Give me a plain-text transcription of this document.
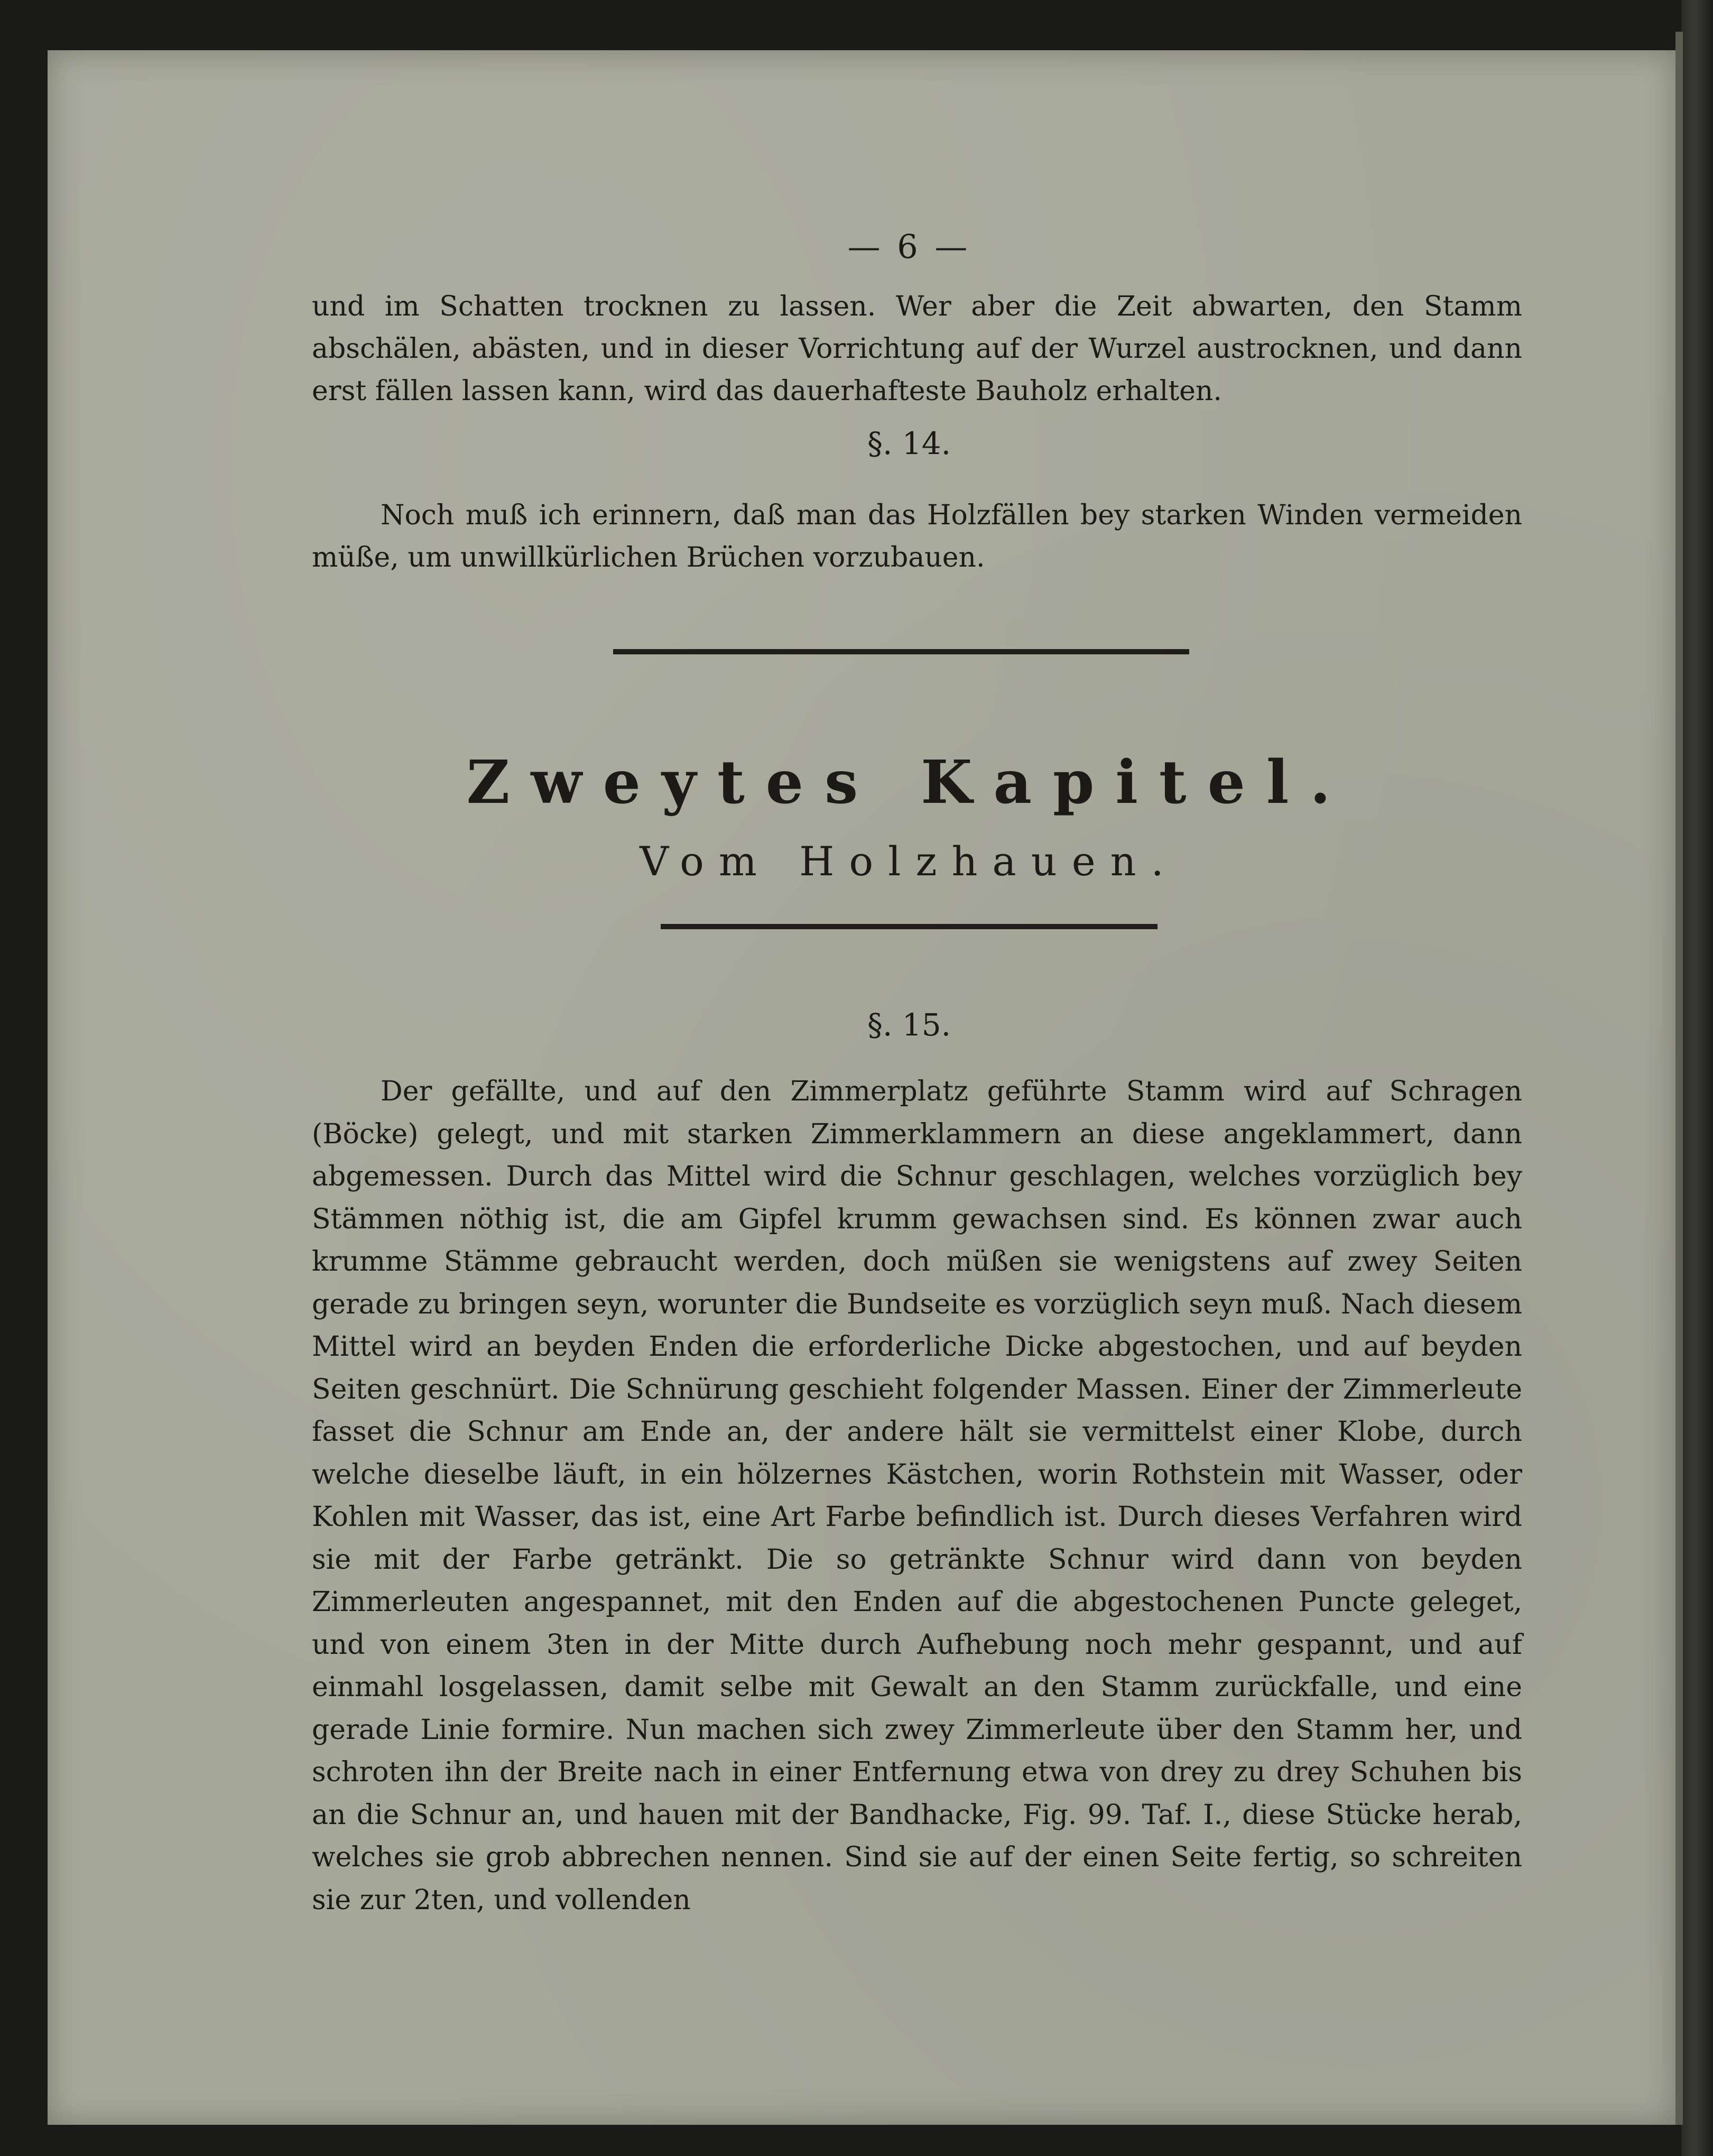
— 6 —
und im Schatten trocknen zu lassen. Wer aber die Zeit abwarten, den Stamm abschälen, abästen, und in dieser Vorrichtung auf der Wurzel austrocknen, und dann erst fällen lassen kann, wird das dauerhafteste Bauholz erhalten.
§. 14.
Noch muß ich erinnern, daß man das Holzfällen bey starken Winden vermeiden müße, um unwillkürlichen Brüchen vorzubauen.
Zweytes Kapitel.
Vom Holzhauen.
§. 15.
Der gefällte, und auf den Zimmerplatz geführte Stamm wird auf Schragen (Böcke) gelegt, und mit starken Zimmerklammern an diese angeklammert, dann abgemessen. Durch das Mittel wird die Schnur geschlagen, welches vorzüglich bey Stämmen nöthig ist, die am Gipfel krumm gewachsen sind. Es können zwar auch krumme Stämme gebraucht werden, doch müßen sie wenigstens auf zwey Seiten gerade zu bringen seyn, worunter die Bundseite es vorzüglich seyn muß. Nach diesem Mittel wird an beyden Enden die erforderliche Dicke abgestochen, und auf beyden Seiten geschnürt. Die Schnürung geschieht folgender Massen. Einer der Zimmerleute fasset die Schnur am Ende an, der andere hält sie vermittelst einer Klobe, durch welche dieselbe läuft, in ein hölzernes Kästchen, worin Rothstein mit Wasser, oder Kohlen mit Wasser, das ist, eine Art Farbe befindlich ist. Durch dieses Verfahren wird sie mit der Farbe getränkt. Die so getränkte Schnur wird dann von beyden Zimmerleuten angespannet, mit den Enden auf die abgestochenen Puncte geleget, und von einem 3ten in der Mitte durch Aufhebung noch mehr gespannt, und auf einmahl losgelassen, damit selbe mit Gewalt an den Stamm zurückfalle, und eine gerade Linie formire. Nun machen sich zwey Zimmerleute über den Stamm her, und schroten ihn der Breite nach in einer Entfernung etwa von drey zu drey Schuhen bis an die Schnur an, und hauen mit der Bandhacke, Fig. 99. Taf. I., diese Stücke herab, welches sie grob abbrechen nennen. Sind sie auf der einen Seite fertig, so schreiten sie zur 2ten, und vollenden
